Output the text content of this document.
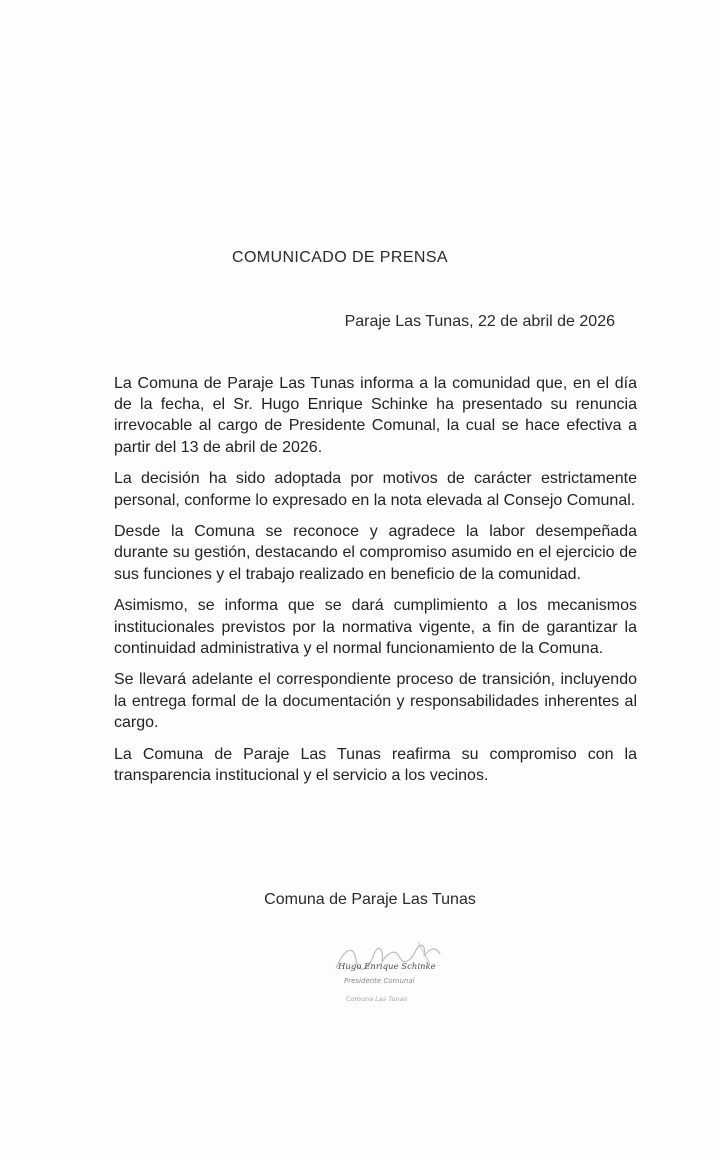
COMUNICADO DE PRENSA
Paraje Las Tunas, 22 de abril de 2026

La Comuna de Paraje Las Tunas informa a la comunidad que, en el día de la fecha, el Sr. Hugo Enrique Schinke ha presentado su renuncia irrevocable al cargo de Presidente Comunal, la cual se hace efectiva a partir del 13 de abril de 2026.

La decisión ha sido adoptada por motivos de carácter estrictamente personal, conforme lo expresado en la nota elevada al Consejo Comunal.

Desde la Comuna se reconoce y agradece la labor desempeñada durante su gestión, destacando el compromiso asumido en el ejercicio de sus funciones y el trabajo realizado en beneficio de la comunidad.

Asimismo, se informa que se dará cumplimiento a los mecanismos institucionales previstos por la normativa vigente, a fin de garantizar la continuidad administrativa y el normal funcionamiento de la Comuna.

Se llevará adelante el correspondiente proceso de transición, incluyendo la entrega formal de la documentación y responsabilidades inherentes al cargo.

La Comuna de Paraje Las Tunas reafirma su compromiso con la transparencia institucional y el servicio a los vecinos.

Comuna de Paraje Las Tunas
Hugo Enrique Schinke
Presidente Comunal
Comuna Las Tunas
